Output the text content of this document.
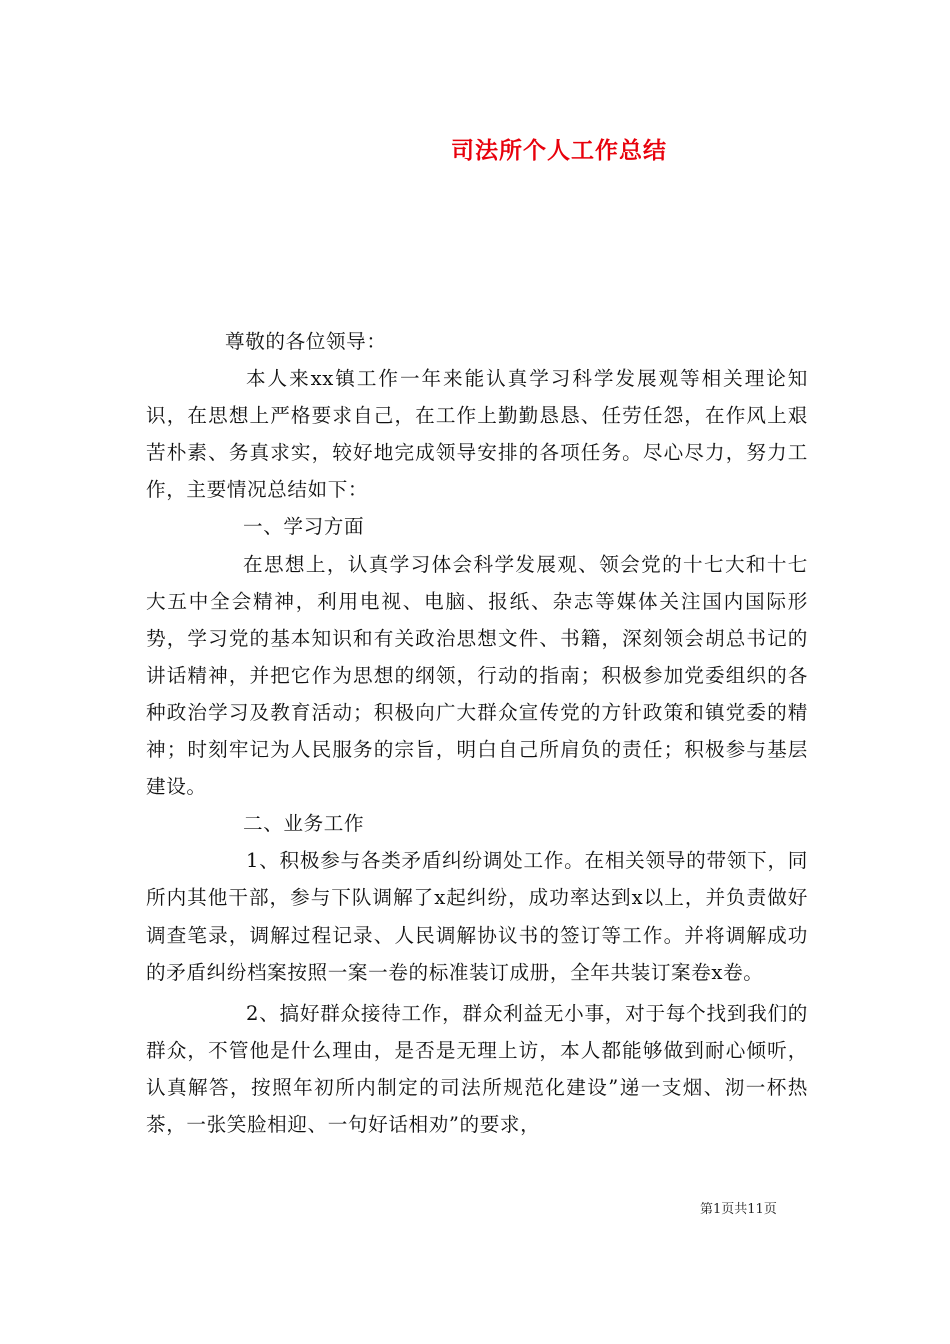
司法所个人工作总结

尊敬的各位领导：

本人来xx镇工作一年来能认真学习科学发展观等相关理论知识，在思想上严格要求自己，在工作上勤勤恳恳、任劳任怨，在作风上艰苦朴素、务真求实，较好地完成领导安排的各项任务。尽心尽力，努力工作，主要情况总结如下：

一、学习方面

在思想上，认真学习体会科学发展观、领会党的十七大和十七大五中全会精神，利用电视、电脑、报纸、杂志等媒体关注国内国际形势，学习党的基本知识和有关政治思想文件、书籍，深刻领会胡总书记的讲话精神，并把它作为思想的纲领，行动的指南；积极参加党委组织的各种政治学习及教育活动；积极向广大群众宣传党的方针政策和镇党委的精神；时刻牢记为人民服务的宗旨，明白自己所肩负的责任；积极参与基层建设。

二、业务工作

1、积极参与各类矛盾纠纷调处工作。在相关领导的带领下，同所内其他干部，参与下队调解了x起纠纷，成功率达到x以上，并负责做好调查笔录，调解过程记录、人民调解协议书的签订等工作。并将调解成功的矛盾纠纷档案按照一案一卷的标准装订成册，全年共装订案卷x卷。

2、搞好群众接待工作，群众利益无小事，对于每个找到我们的群众，不管他是什么理由，是否是无理上访，本人都能够做到耐心倾听，认真解答，按照年初所内制定的司法所规范化建设”递一支烟、沏一杯热茶，一张笑脸相迎、一句好话相劝”的要求，

第1页共11页
